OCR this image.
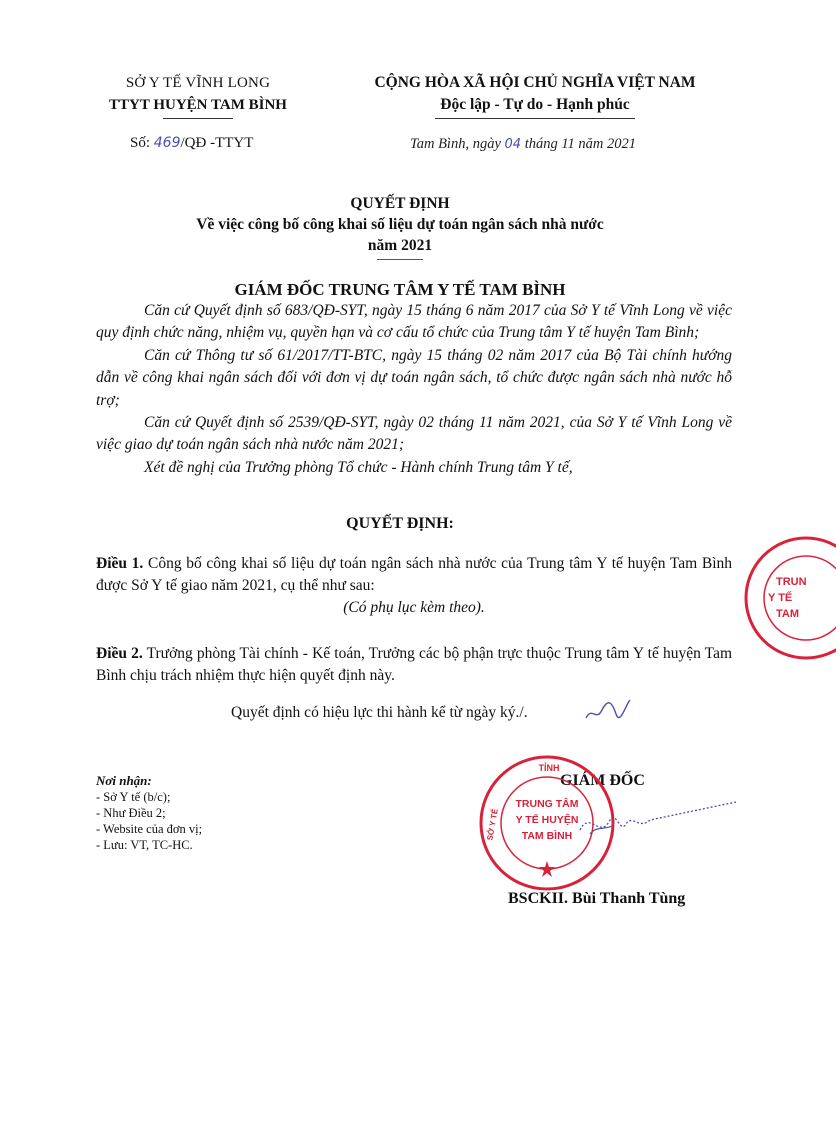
SỞ Y TẾ VĨNH LONG
TTYT HUYỆN TAM BÌNH
CỘNG HÒA XÃ HỘI CHỦ NGHĨA VIỆT NAM
Độc lập - Tự do - Hạnh phúc
Số: 469/QĐ -TTYT	Tam Bình, ngày 04 tháng 11 năm 2021
QUYẾT ĐỊNH
Về việc công bố công khai số liệu dự toán ngân sách nhà nước
năm 2021
GIÁM ĐỐC TRUNG TÂM Y TẾ TAM BÌNH

Căn cứ Quyết định số 683/QĐ-SYT, ngày 15 tháng 6 năm 2017 của Sở Y tế Vĩnh Long về việc quy định chức năng, nhiệm vụ, quyền hạn và cơ cấu tổ chức của Trung tâm Y tế huyện Tam Bình;

Căn cứ Thông tư số 61/2017/TT-BTC, ngày 15 tháng 02 năm 2017 của Bộ Tài chính hướng dẫn về công khai ngân sách đối với đơn vị dự toán ngân sách, tổ chức được ngân sách nhà nước hỗ trợ;

Căn cứ Quyết định số 2539/QĐ-SYT, ngày 02 tháng 11 năm 2021, của Sở Y tế Vĩnh Long về việc giao dự toán ngân sách nhà nước năm 2021;

Xét đề nghị của Trưởng phòng Tổ chức - Hành chính Trung tâm Y tế,

QUYẾT ĐỊNH:
Điều 1. Công bố công khai số liệu dự toán ngân sách nhà nước của Trung tâm Y tế huyện Tam Bình được Sở Y tế giao năm 2021, cụ thể như sau:
(Có phụ lục kèm theo).
Điều 2. Trưởng phòng Tài chính - Kế toán, Trưởng các bộ phận trực thuộc Trung tâm Y tế huyện Tam Bình chịu trách nhiệm thực hiện quyết định này.
Quyết định có hiệu lực thi hành kể từ ngày ký./.
Nơi nhận:
- Sở Y tế (b/c);
- Như Điều 2;
- Website của đơn vị;
- Lưu: VT, TC-HC.
GIÁM ĐỐC
TỈNH
TRUNG TÂM
Y TẾ HUYỆN
TAM BÌNH
SỞ Y TẾ
TRUN
Y TẾ
TAM
BSCKII. Bùi Thanh Tùng
